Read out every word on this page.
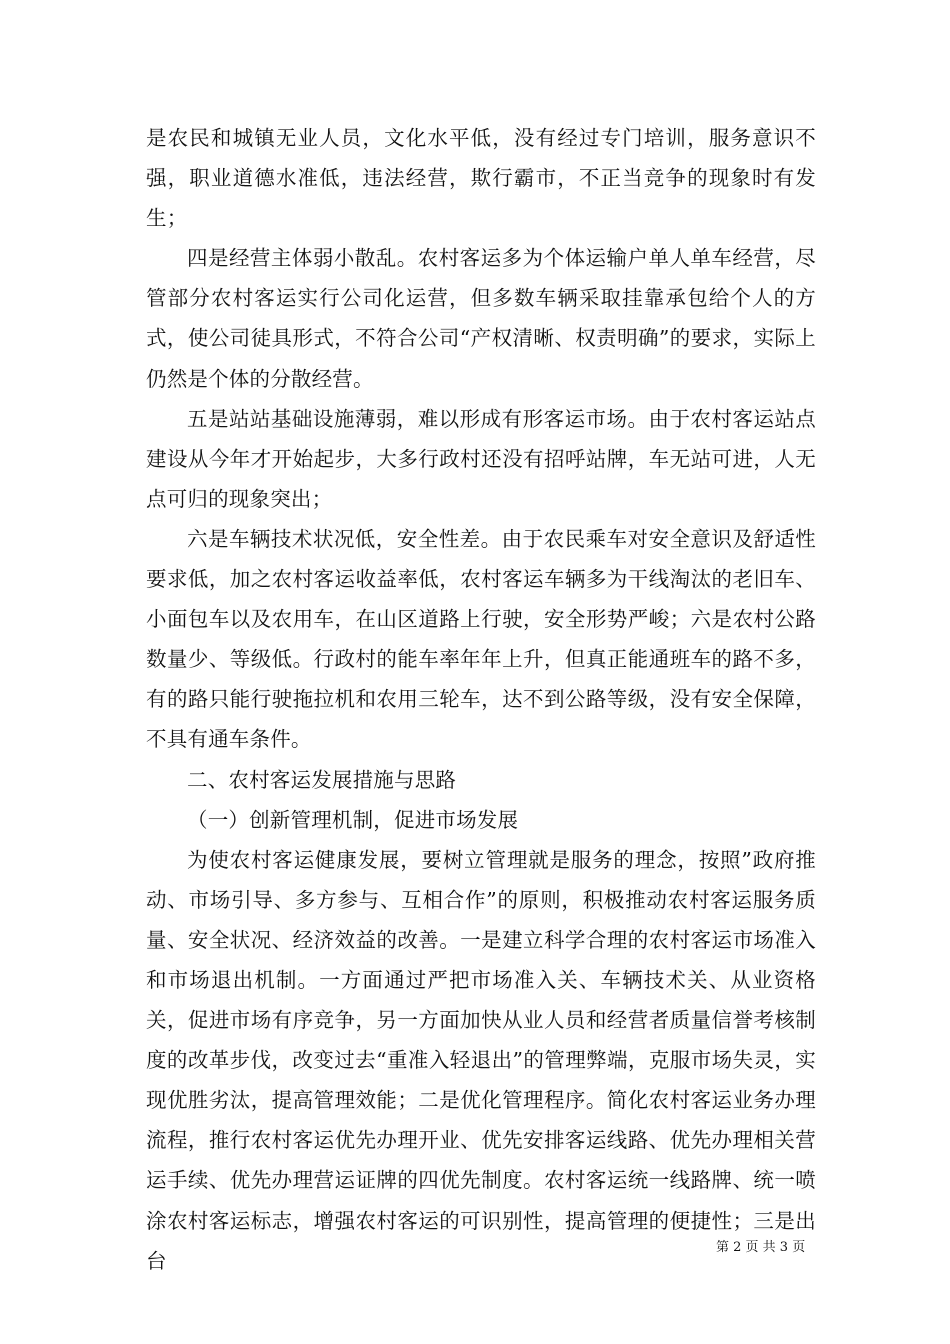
是农民和城镇无业人员，文化水平低，没有经过专门培训，服务意识不强，职业道德水准低，违法经营，欺行霸市，不正当竞争的现象时有发生；

四是经营主体弱小散乱。农村客运多为个体运输户单人单车经营，尽管部分农村客运实行公司化运营，但多数车辆采取挂靠承包给个人的方式，使公司徒具形式，不符合公司“产权清晰、权责明确”的要求，实际上仍然是个体的分散经营。

五是站站基础设施薄弱，难以形成有形客运市场。由于农村客运站点建设从今年才开始起步，大多行政村还没有招呼站牌，车无站可进，人无点可归的现象突出；

六是车辆技术状况低，安全性差。由于农民乘车对安全意识及舒适性要求低，加之农村客运收益率低，农村客运车辆多为干线淘汰的老旧车、小面包车以及农用车，在山区道路上行驶，安全形势严峻；六是农村公路数量少、等级低。行政村的能车率年年上升，但真正能通班车的路不多，有的路只能行驶拖拉机和农用三轮车，达不到公路等级，没有安全保障，不具有通车条件。

二、农村客运发展措施与思路

（一）创新管理机制，促进市场发展

为使农村客运健康发展，要树立管理就是服务的理念，按照”政府推动、市场引导、多方参与、互相合作”的原则，积极推动农村客运服务质量、安全状况、经济效益的改善。一是建立科学合理的农村客运市场准入和市场退出机制。一方面通过严把市场准入关、车辆技术关、从业资格关，促进市场有序竞争，另一方面加快从业人员和经营者质量信誉考核制度的改革步伐，改变过去“重准入轻退出”的管理弊端，克服市场失灵，实现优胜劣汰，提高管理效能；二是优化管理程序。简化农村客运业务办理流程，推行农村客运优先办理开业、优先安排客运线路、优先办理相关营运手续、优先办理营运证牌的四优先制度。农村客运统一线路牌、统一喷涂农村客运标志，增强农村客运的可识别性，提高管理的便捷性；三是出台

第 2 页 共 3 页
